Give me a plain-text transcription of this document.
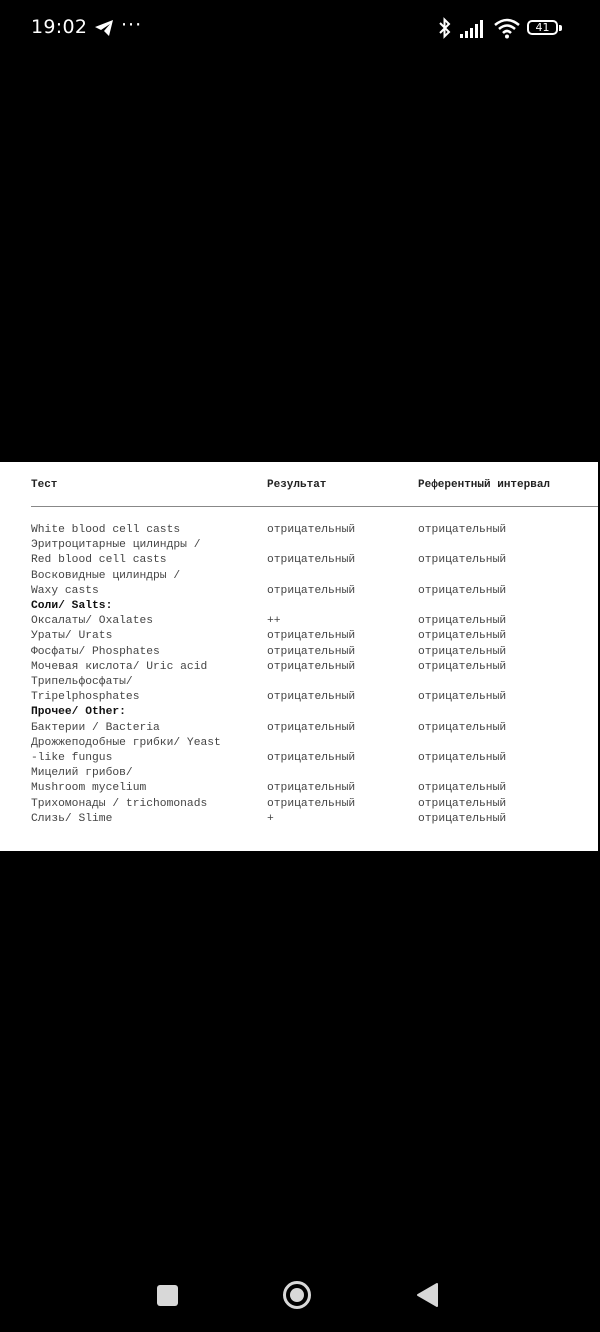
19:02 ···	41
Тест	Результат	Референтный интервал
White blood cell casts	отрицательный	отрицательный
Эритроцитарные цилиндры /
Red blood cell casts	отрицательный	отрицательный
Восковидные цилиндры /
Waxy casts	отрицательный	отрицательный
Соли/ Salts:
Оксалаты/ Oxalates	++	отрицательный
Ураты/ Urats	отрицательный	отрицательный
Фосфаты/ Phosphates	отрицательный	отрицательный
Мочевая кислота/ Uric acid	отрицательный	отрицательный
Трипельфосфаты/
Tripelphosphates	отрицательный	отрицательный
Прочее/ Other:
Бактерии / Bacteria	отрицательный	отрицательный
Дрожжеподобные грибки/ Yeast
-like fungus	отрицательный	отрицательный
Мицелий грибов/
Mushroom mycelium	отрицательный	отрицательный
Трихомонады / trichomonads	отрицательный	отрицательный
Слизь/ Slime	+	отрицательный
